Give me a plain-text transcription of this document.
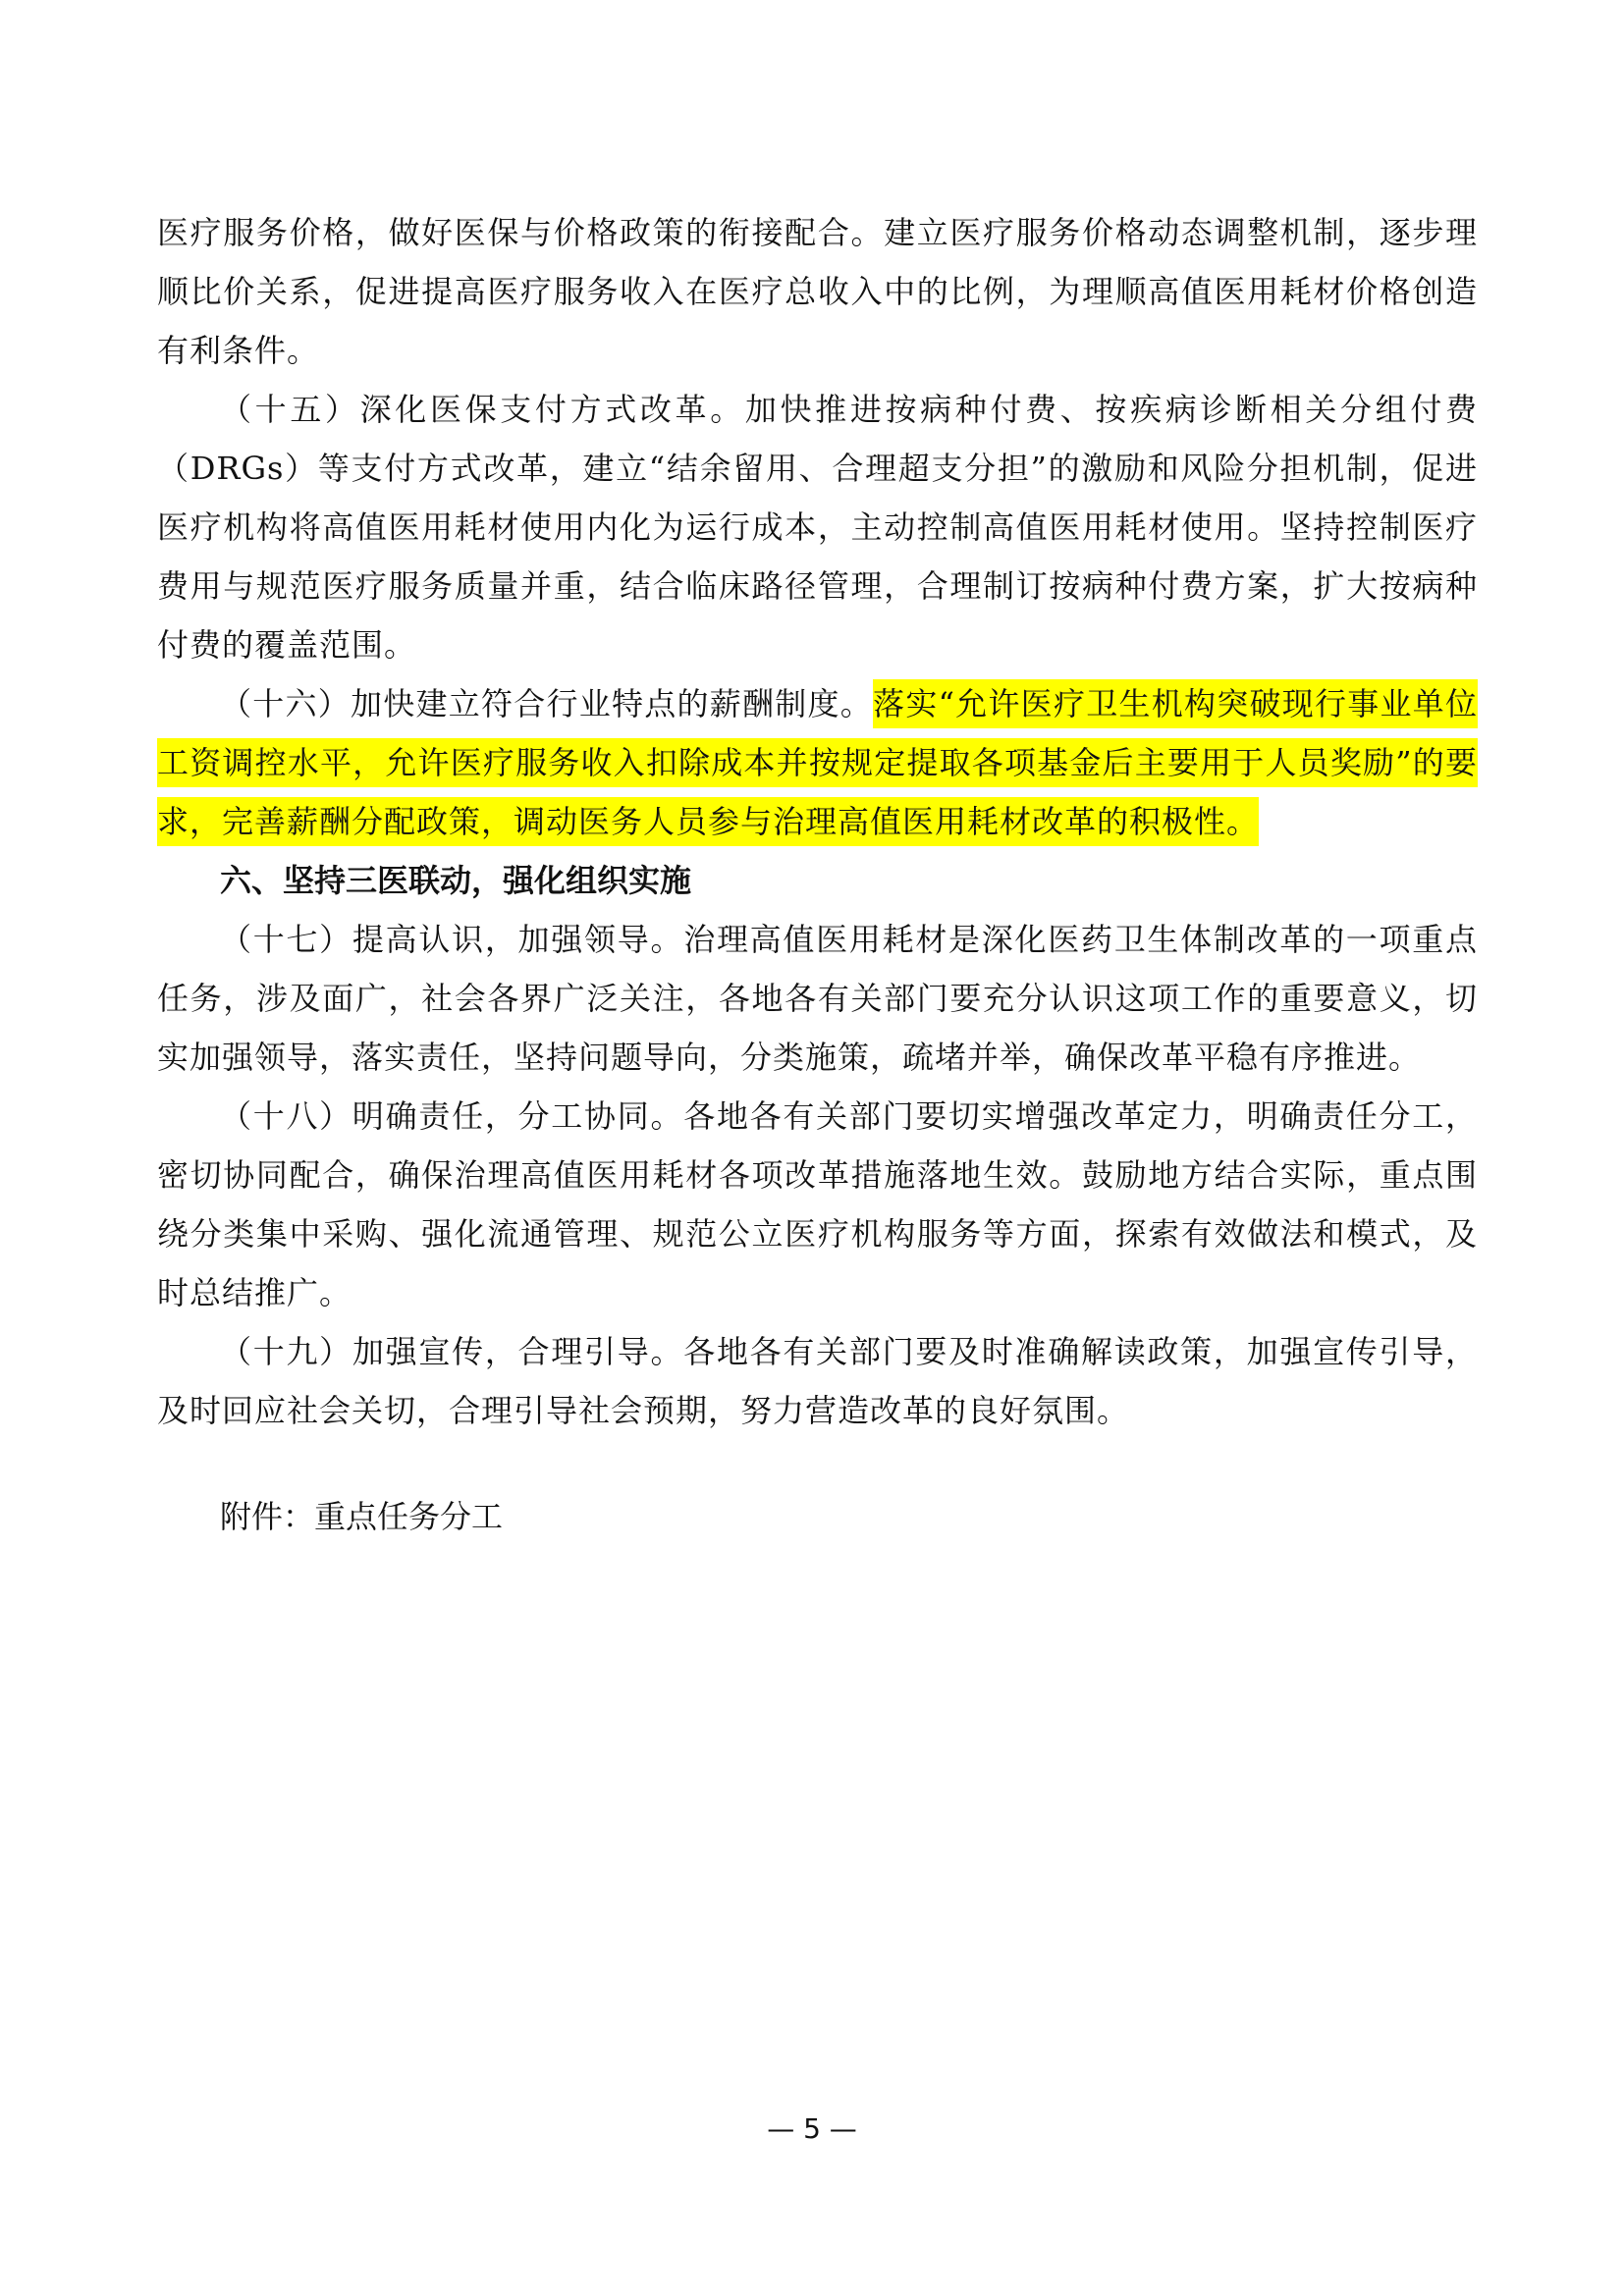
医疗服务价格，做好医保与价格政策的衔接配合。建立医疗服务价格动态调整机制，逐步理顺比价关系，促进提高医疗服务收入在医疗总收入中的比例，为理顺高值医用耗材价格创造有利条件。

（十五）深化医保支付方式改革。加快推进按病种付费、按疾病诊断相关分组付费（DRGs）等支付方式改革，建立“结余留用、合理超支分担”的激励和风险分担机制，促进医疗机构将高值医用耗材使用内化为运行成本，主动控制高值医用耗材使用。坚持控制医疗费用与规范医疗服务质量并重，结合临床路径管理，合理制订按病种付费方案，扩大按病种付费的覆盖范围。

（十六）加快建立符合行业特点的薪酬制度。落实“允许医疗卫生机构突破现行事业单位工资调控水平，允许医疗服务收入扣除成本并按规定提取各项基金后主要用于人员奖励”的要求，完善薪酬分配政策，调动医务人员参与治理高值医用耗材改革的积极性。

六、坚持三医联动，强化组织实施

（十七）提高认识，加强领导。治理高值医用耗材是深化医药卫生体制改革的一项重点任务，涉及面广，社会各界广泛关注，各地各有关部门要充分认识这项工作的重要意义，切实加强领导，落实责任，坚持问题导向，分类施策，疏堵并举，确保改革平稳有序推进。

（十八）明确责任，分工协同。各地各有关部门要切实增强改革定力，明确责任分工，密切协同配合，确保治理高值医用耗材各项改革措施落地生效。鼓励地方结合实际，重点围绕分类集中采购、强化流通管理、规范公立医疗机构服务等方面，探索有效做法和模式，及时总结推广。

（十九）加强宣传，合理引导。各地各有关部门要及时准确解读政策，加强宣传引导，及时回应社会关切，合理引导社会预期，努力营造改革的良好氛围。

附件：重点任务分工

— 5 —
